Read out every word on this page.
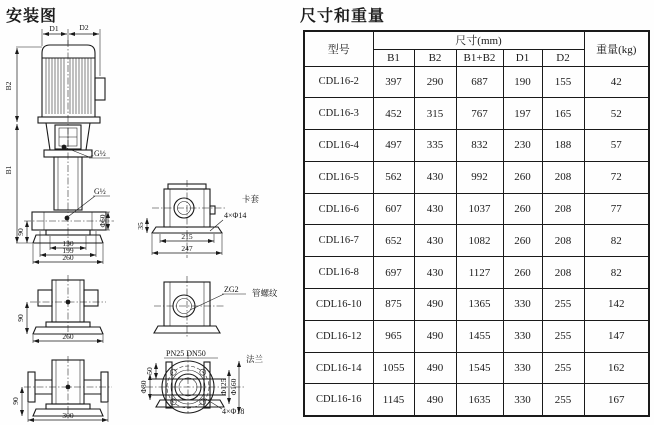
安装图	尺寸和重量
D1	D2
B2
B1
1G½
G½
90
Φ60
130
199
260
90
260
90
300
35
卡套
4×Φ14
215
247
ZG2 管螺纹
PN25 DN50
法兰
50
Φ80	Φ125 Φ160
4×Φ18
型号	尺寸(mm)					重量(kg)
	B1	B2	B1+B2	D1	D2	
CDL16-2	397	290	687	190	155	42
CDL16-3	452	315	767	197	165	52
CDL16-4	497	335	832	230	188	57
CDL16-5	562	430	992	260	208	72
CDL16-6	607	430	1037	260	208	77
CDL16-7	652	430	1082	260	208	82
CDL16-8	697	430	1127	260	208	82
CDL16-10	875	490	1365	330	255	142
CDL16-12	965	490	1455	330	255	147
CDL16-14	1055	490	1545	330	255	162
CDL16-16	1145	490	1635	330	255	167
